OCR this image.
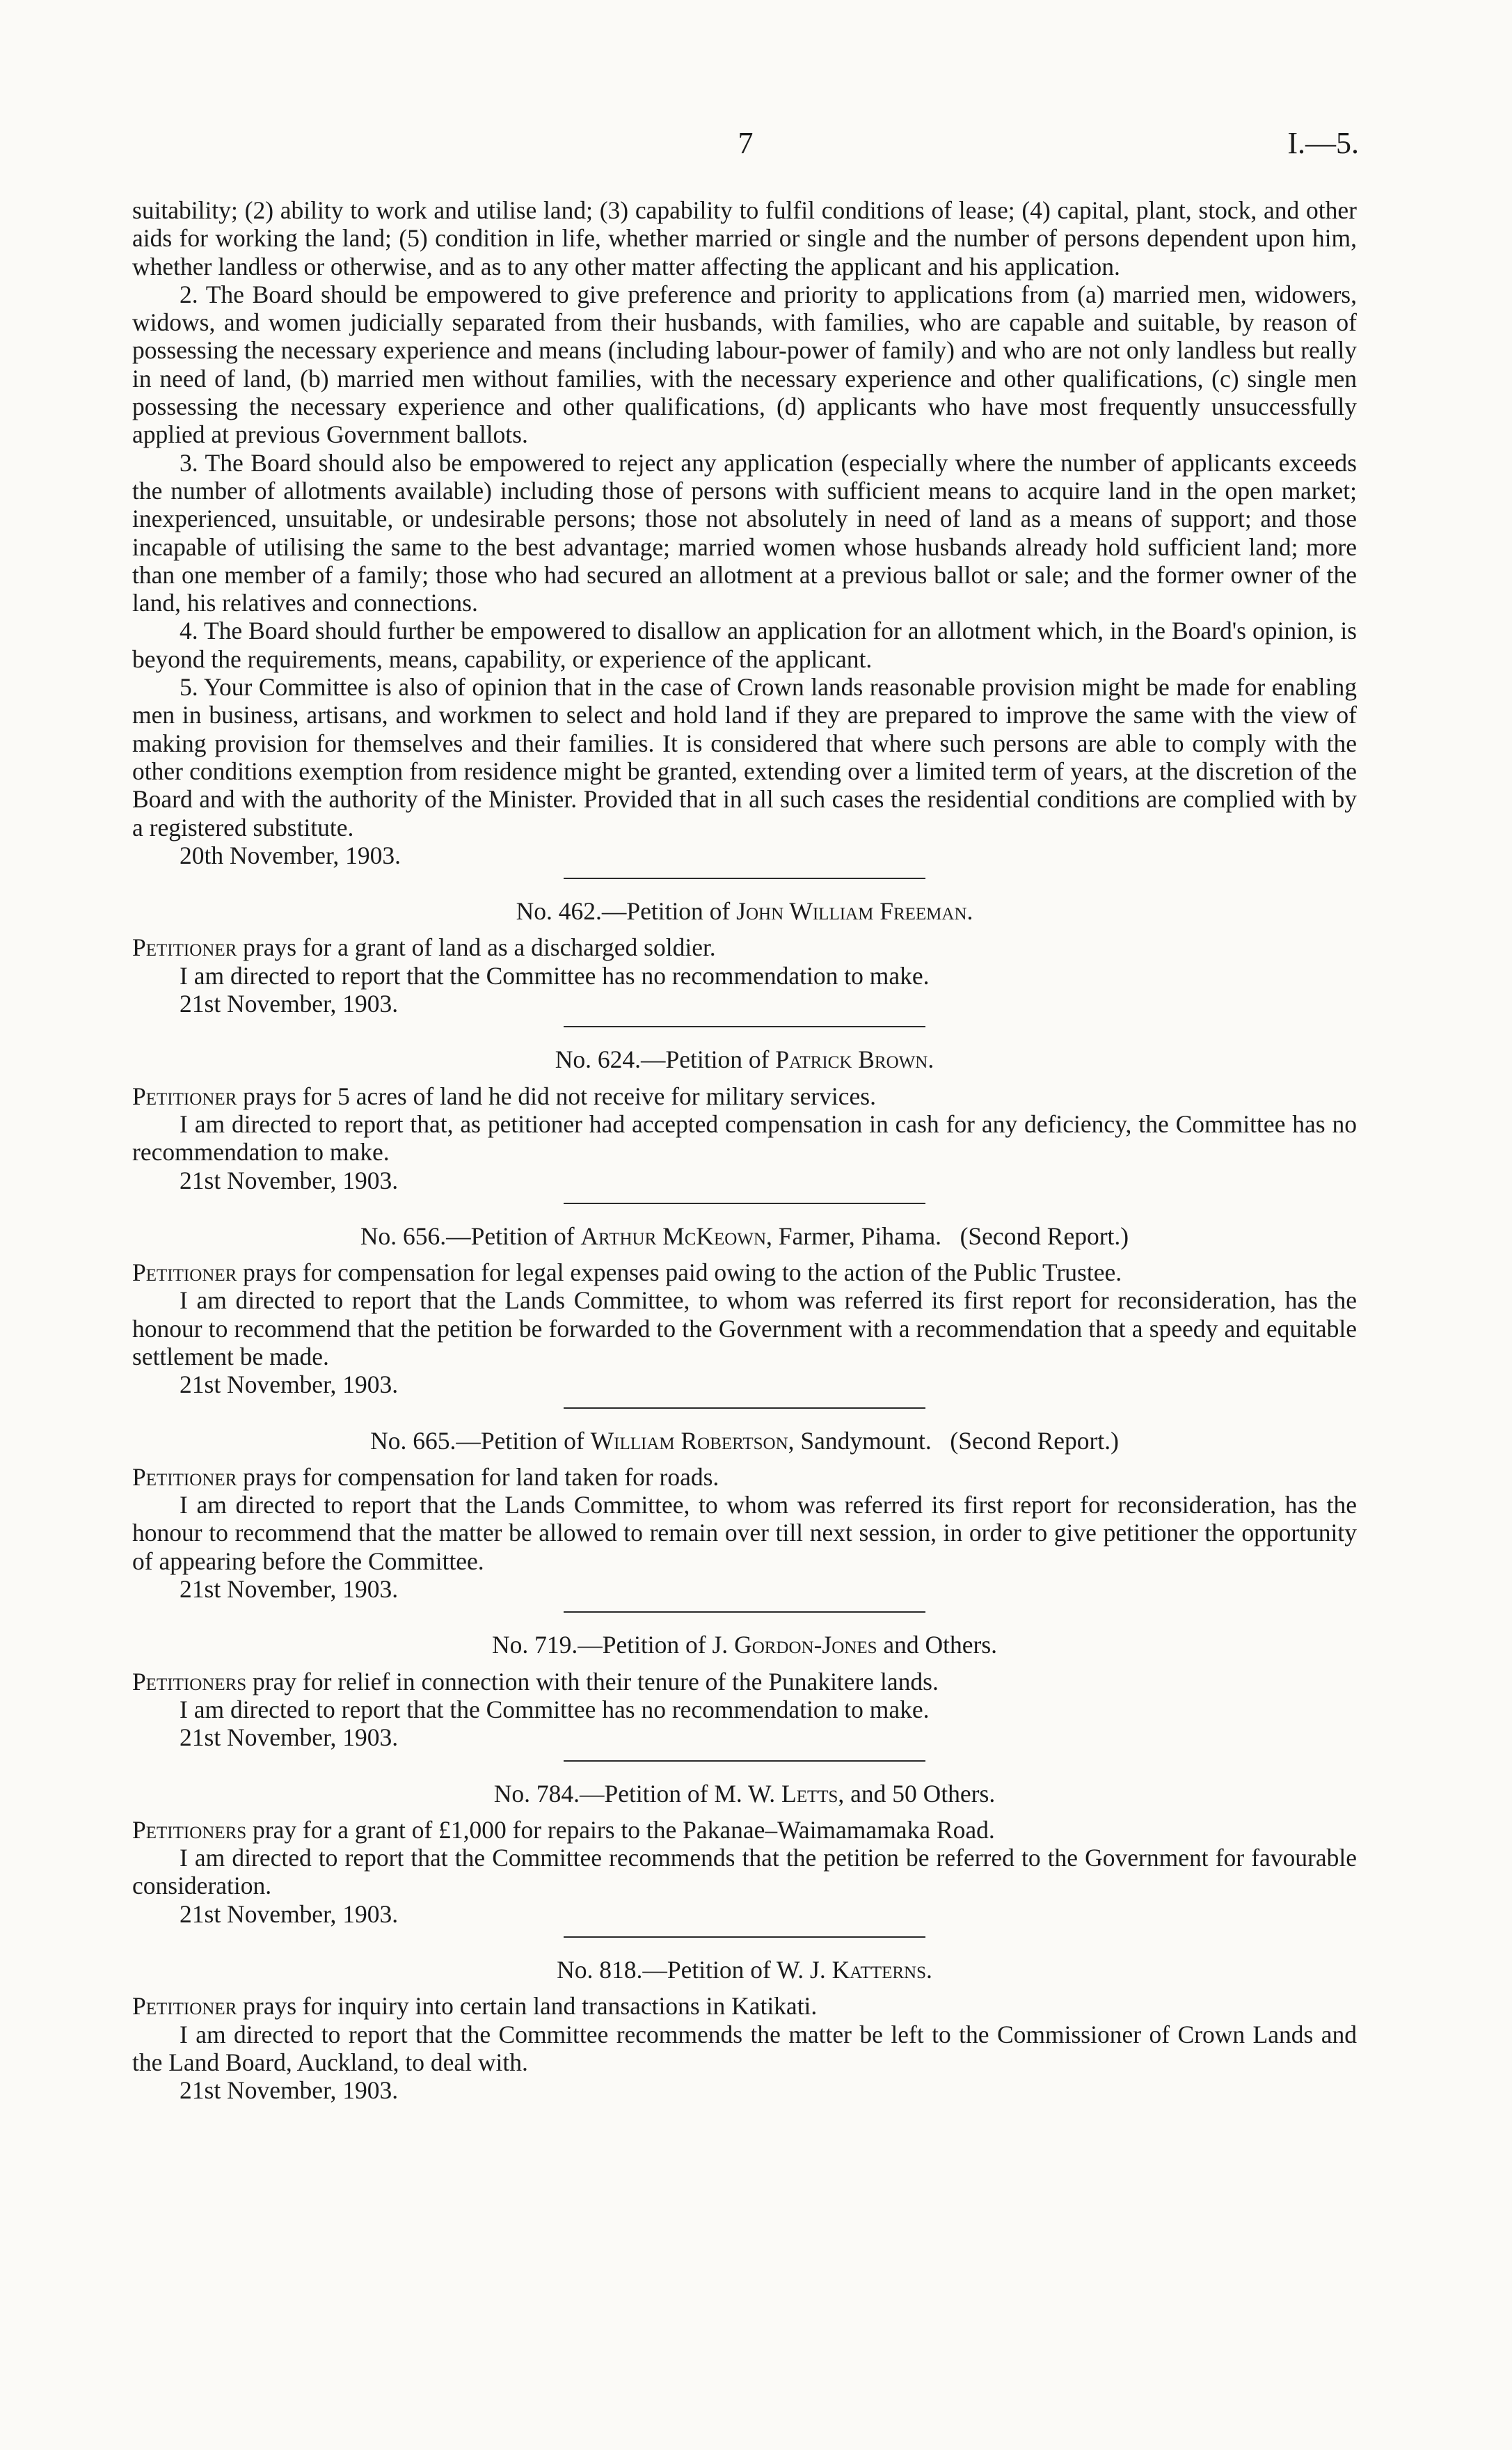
7	I.—5.

suitability; (2) ability to work and utilise land; (3) capability to fulfil conditions of lease; (4) capital, plant, stock, and other aids for working the land; (5) condition in life, whether married or single and the number of persons dependent upon him, whether landless or otherwise, and as to any other matter affecting the applicant and his application.

2. The Board should be empowered to give preference and priority to applications from (a) married men, widowers, widows, and women judicially separated from their husbands, with families, who are capable and suitable, by reason of possessing the necessary experience and means (including labour-power of family) and who are not only landless but really in need of land, (b) married men without families, with the necessary experience and other qualifications, (c) single men possessing the necessary experience and other qualifications, (d) applicants who have most frequently unsuccessfully applied at previous Government ballots.

3. The Board should also be empowered to reject any application (especially where the number of applicants exceeds the number of allotments available) including those of persons with sufficient means to acquire land in the open market; inexperienced, unsuitable, or undesirable persons; those not absolutely in need of land as a means of support; and those incapable of utilising the same to the best advantage; married women whose husbands already hold sufficient land; more than one member of a family; those who had secured an allotment at a previous ballot or sale; and the former owner of the land, his relatives and connections.

4. The Board should further be empowered to disallow an application for an allotment which, in the Board's opinion, is beyond the requirements, means, capability, or experience of the applicant.

5. Your Committee is also of opinion that in the case of Crown lands reasonable provision might be made for enabling men in business, artisans, and workmen to select and hold land if they are prepared to improve the same with the view of making provision for themselves and their families. It is considered that where such persons are able to comply with the other conditions exemption from residence might be granted, extending over a limited term of years, at the discretion of the Board and with the authority of the Minister. Provided that in all such cases the residential conditions are complied with by a registered substitute.

20th November, 1903.

No. 462.—Petition of John William Freeman.

Petitioner prays for a grant of land as a discharged soldier.

I am directed to report that the Committee has no recommendation to make.

21st November, 1903.

No. 624.—Petition of Patrick Brown.

Petitioner prays for 5 acres of land he did not receive for military services.

I am directed to report that, as petitioner had accepted compensation in cash for any deficiency, the Committee has no recommendation to make.

21st November, 1903.

No. 656.—Petition of Arthur McKeown, Farmer, Pihama.   (Second Report.)

Petitioner prays for compensation for legal expenses paid owing to the action of the Public Trustee.

I am directed to report that the Lands Committee, to whom was referred its first report for reconsideration, has the honour to recommend that the petition be forwarded to the Government with a recommendation that a speedy and equitable settlement be made.

21st November, 1903.

No. 665.—Petition of William Robertson, Sandymount.   (Second Report.)

Petitioner prays for compensation for land taken for roads.

I am directed to report that the Lands Committee, to whom was referred its first report for reconsideration, has the honour to recommend that the matter be allowed to remain over till next session, in order to give petitioner the opportunity of appearing before the Committee.

21st November, 1903.

No. 719.—Petition of J. Gordon-Jones and Others.

Petitioners pray for relief in connection with their tenure of the Punakitere lands.

I am directed to report that the Committee has no recommendation to make.

21st November, 1903.

No. 784.—Petition of M. W. Letts, and 50 Others.

Petitioners pray for a grant of £1,000 for repairs to the Pakanae–Waimamamaka Road.

I am directed to report that the Committee recommends that the petition be referred to the Government for favourable consideration.

21st November, 1903.

No. 818.—Petition of W. J. Katterns.

Petitioner prays for inquiry into certain land transactions in Katikati.

I am directed to report that the Committee recommends the matter be left to the Commissioner of Crown Lands and the Land Board, Auckland, to deal with.

21st November, 1903.
